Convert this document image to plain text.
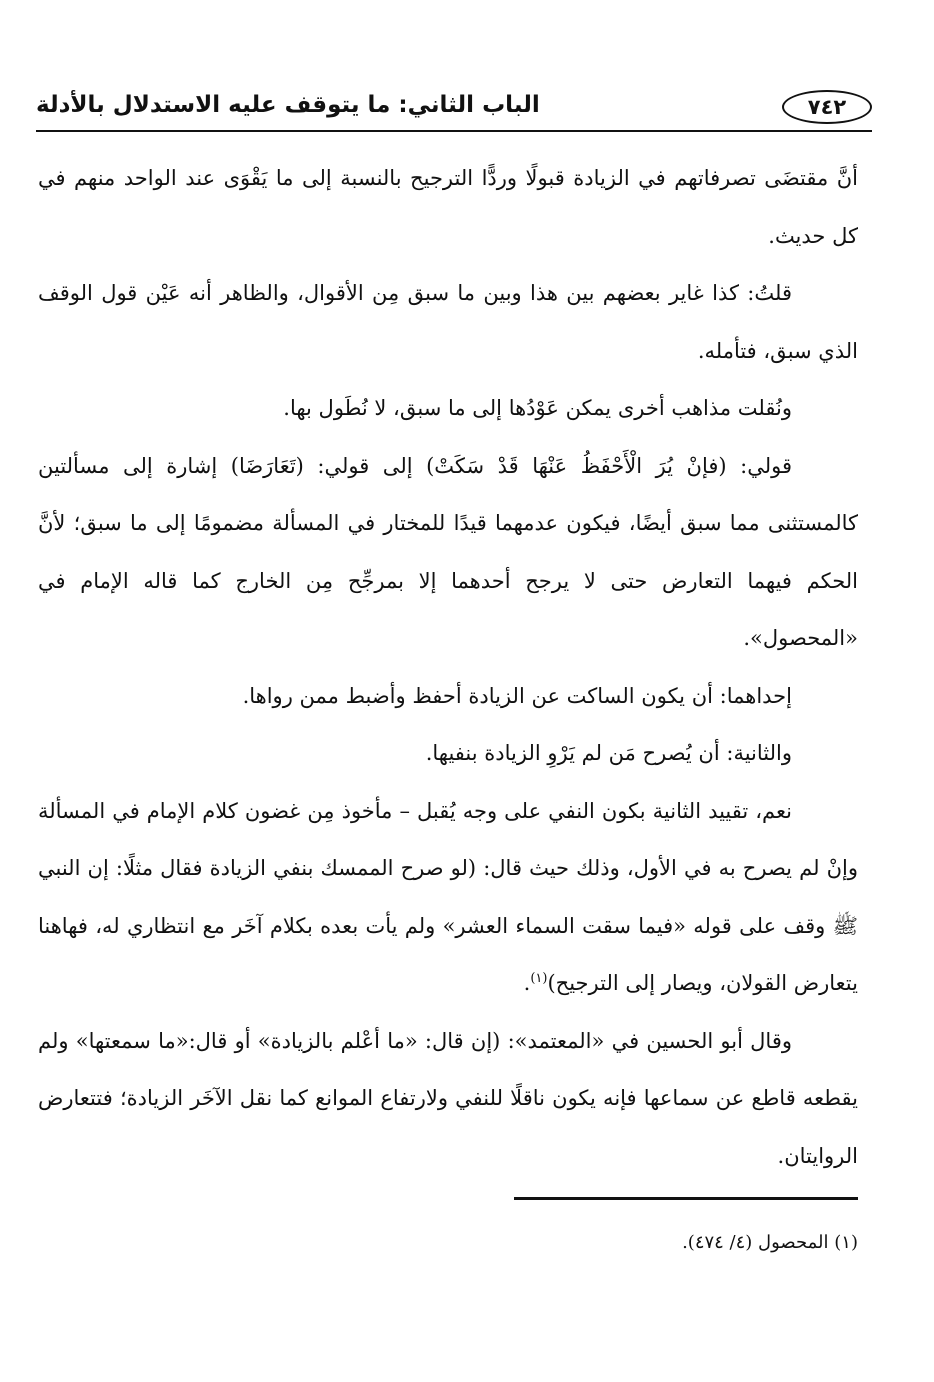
الباب الثاني: ما يتوقف عليه الاستدلال بالأدلة	٧٤٢

أنَّ مقتضَى تصرفاتهم في الزيادة قبولًا وردًّا الترجيح بالنسبة إلى ما يَقْوَى عند الواحد منهم في كل حديث.

قلتُ: كذا غاير بعضهم بين هذا وبين ما سبق مِن الأقوال، والظاهر أنه عَيْن قول الوقف الذي سبق، فتأمله.

ونُقلت مذاهب أخرى يمكن عَوْدُها إلى ما سبق، لا نُطَول بها.

قولي: (فإنْ يُرَ الْأَحْفَظُ عَنْهَا قَدْ سَكَتْ) إلى قولي: (تَعَارَضَا) إشارة إلى مسألتين كالمستثنى مما سبق أيضًا، فيكون عدمهما قيدًا للمختار في المسألة مضمومًا إلى ما سبق؛ لأنَّ الحكم فيهما التعارض حتى لا يرجح أحدهما إلا بمرجِّح مِن الخارج كما قاله الإمام في «المحصول».

إحداهما: أن يكون الساكت عن الزيادة أحفظ وأضبط ممن رواها.

والثانية: أن يُصرح مَن لم يَرْوِ الزيادة بنفيها.

نعم، تقييد الثانية بكون النفي على وجه يُقبل – مأخوذ مِن غضون كلام الإمام في المسألة وإنْ لم يصرح به في الأول، وذلك حيث قال: (لو صرح الممسك بنفي الزيادة فقال مثلًا: إن النبي ﷺ وقف على قوله «فيما سقت السماء العشر» ولم يأت بعده بكلام آخَر مع انتظاري له، فهاهنا يتعارض القولان، ويصار إلى الترجيح)$^{(١)}$.

وقال أبو الحسين في «المعتمد»: (إن قال: «ما أعْلم بالزيادة» أو قال:«ما سمعتها» ولم يقطعه قاطع عن سماعها فإنه يكون ناقلًا للنفي ولارتفاع الموانع كما نقل الآخَر الزيادة؛ فتتعارض الروايتان.

(١) المحصول (٤/ ٤٧٤).
